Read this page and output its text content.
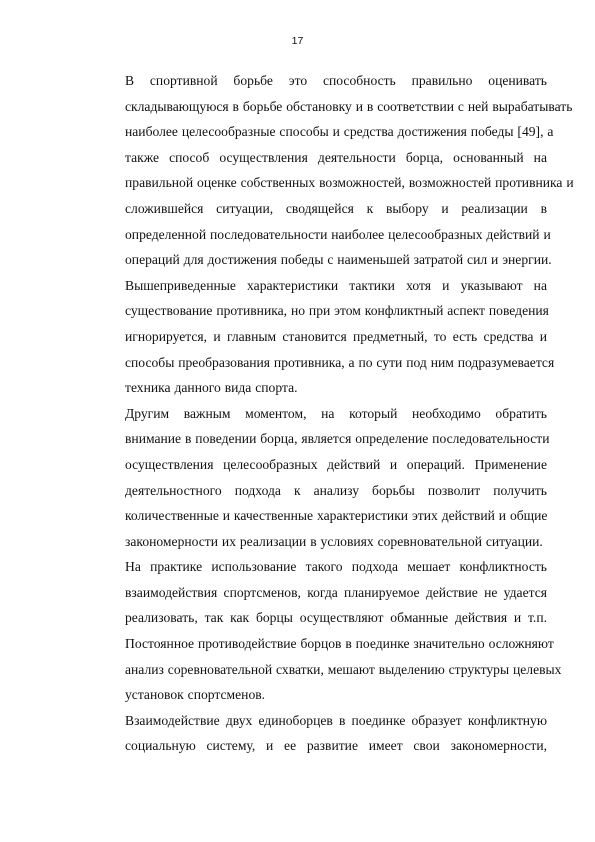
17
В спортивной борьбе это способность правильно оценивать
складывающуюся в борьбе обстановку и в соответствии с ней вырабатывать
наиболее целесообразные способы и средства достижения победы [49], а
также способ осуществления деятельности борца, основанный на
правильной оценке собственных возможностей, возможностей противника и
сложившейся ситуации, сводящейся к выбору и реализации в
определенной последовательности наиболее целесообразных действий и
операций для достижения победы с наименьшей затратой сил и энергии.
Вышеприведенные характеристики тактики хотя и указывают на
существование противника, но при этом конфликтный аспект поведения
игнорируется, и главным становится предметный, то есть средства и
способы преобразования противника, а по сути под ним подразумевается
техника данного вида спорта.
Другим важным моментом, на который необходимо обратить
внимание в поведении борца, является определение последовательности
осуществления целесообразных действий и операций. Применение
деятельностного подхода к анализу борьбы позволит получить
количественные и качественные характеристики этих действий и общие
закономерности их реализации в условиях соревновательной ситуации.
На практике использование такого подхода мешает конфликтность
взаимодействия спортсменов, когда планируемое действие не удается
реализовать, так как борцы осуществляют обманные действия и т.п.
Постоянное противодействие борцов в поединке значительно осложняют
анализ соревновательной схватки, мешают выделению структуры целевых
установок спортсменов.
Взаимодействие двух единоборцев в поединке образует конфликтную
социальную систему, и ее развитие имеет свои закономерности,
